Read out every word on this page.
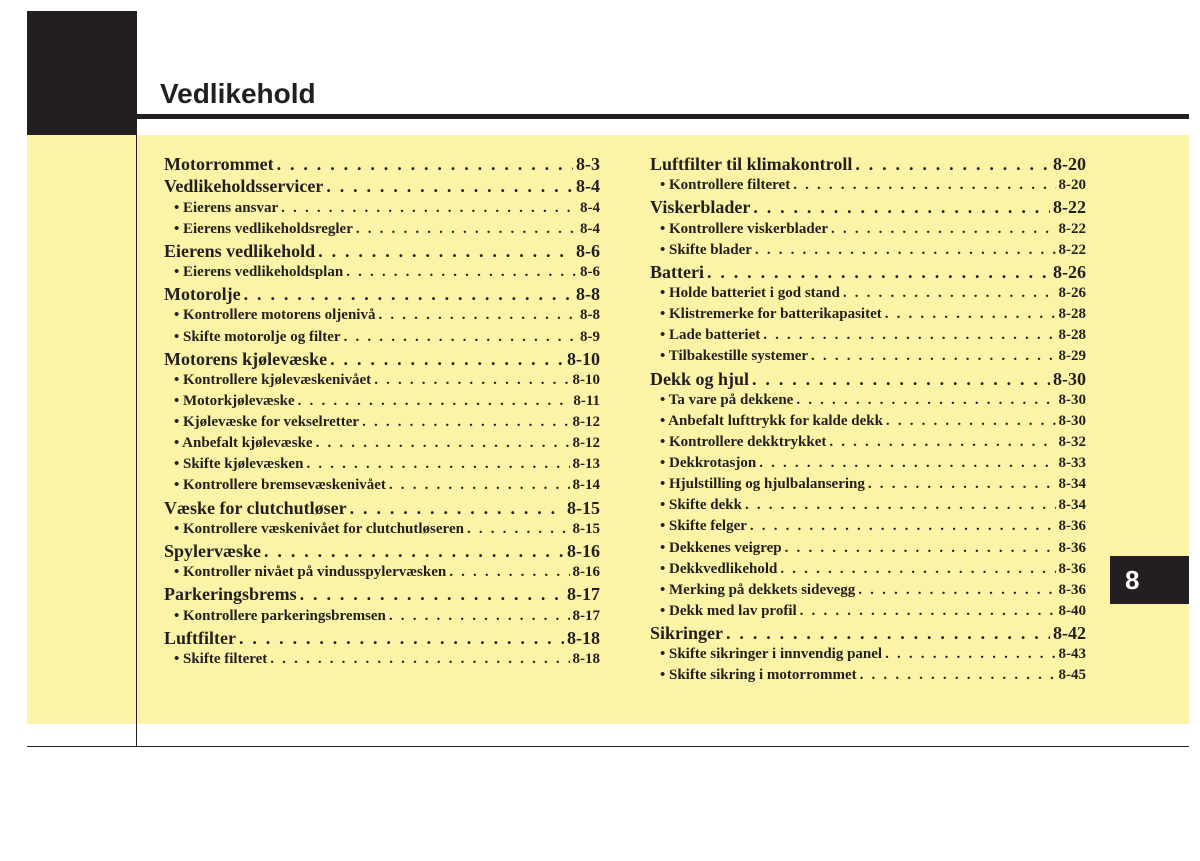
Vedlikehold
Motorrommet . . .	8-3
Vedlikeholdsservicer . . .	8-4
• Eierens ansvar . . .	8-4
• Eierens vedlikeholdsregler . . .	8-4
Eierens vedlikehold . . .	8-6
• Eierens vedlikeholdsplan . . .	8-6
Motorolje . . .	8-8
• Kontrollere motorens oljenivå . . .	8-8
• Skifte motorolje og filter . . .	8-9
Motorens kjølevæske . . .	8-10
• Kontrollere kjølevæskenivået . . .	8-10
• Motorkjølevæske . . .	8-11
• Kjølevæske for vekselretter . . .	8-12
• Anbefalt kjølevæske . . .	8-12
• Skifte kjølevæsken . . .	8-13
• Kontrollere bremsevæskenivået . . .	8-14
Væske for clutchutløser . . .	8-15
• Kontrollere væskenivået for clutchutløseren . . .	8-15
Spylervæske . . .	8-16
• Kontroller nivået på vindusspylervæsken . . .	8-16
Parkeringsbrems . . .	8-17
• Kontrollere parkeringsbremsen . . .	8-17
Luftfilter . . .	8-18
• Skifte filteret . . .	8-18
Luftfilter til klimakontroll . . .	8-20
• Kontrollere filteret . . .	8-20
Viskerblader . . .	8-22
• Kontrollere viskerblader . . .	8-22
• Skifte blader . . .	8-22
Batteri . . .	8-26
• Holde batteriet i god stand . . .	8-26
• Klistremerke for batterikapasitet . . .	8-28
• Lade batteriet . . .	8-28
• Tilbakestille systemer . . .	8-29
Dekk og hjul . . .	8-30
• Ta vare på dekkene . . .	8-30
• Anbefalt lufttrykk for kalde dekk . . .	8-30
• Kontrollere dekktrykket . . .	8-32
• Dekkrotasjon . . .	8-33
• Hjulstilling og hjulbalansering . . .	8-34
• Skifte dekk . . .	8-34
• Skifte felger . . .	8-36
• Dekkenes veigrep . . .	8-36
• Dekkvedlikehold . . .	8-36
• Merking på dekkets sidevegg . . .	8-36
• Dekk med lav profil . . .	8-40
Sikringer . . .	8-42
• Skifte sikringer i innvendig panel . . .	8-43
• Skifte sikring i motorrommet . . .	8-45
8
